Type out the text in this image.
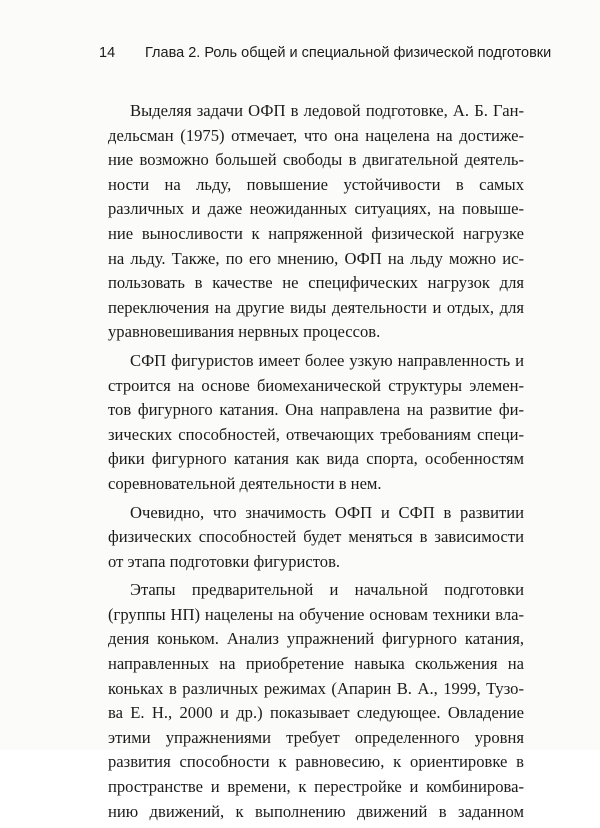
14 Глава 2. Роль общей и специальной физической подготовки

Выделяя задачи ОФП в ледовой подготовке, А. Б. Ган-
дельсман (1975) отмечает, что она нацелена на достиже-
ние возможно большей свободы в двигательной деятель-
ности на льду, повышение устойчивости в самых
различных и даже неожиданных ситуациях, на повыше-
ние выносливости к напряженной физической нагрузке
на льду. Также, по его мнению, ОФП на льду можно ис-
пользовать в качестве не специфических нагрузок для
переключения на другие виды деятельности и отдых, для
уравновешивания нервных процессов.

СФП фигуристов имеет более узкую направленность и
строится на основе биомеханической структуры элемен-
тов фигурного катания. Она направлена на развитие фи-
зических способностей, отвечающих требованиям специ-
фики фигурного катания как вида спорта, особенностям
соревновательной деятельности в нем.

Очевидно, что значимость ОФП и СФП в развитии
физических способностей будет меняться в зависимости
от этапа подготовки фигуристов.

Этапы предварительной и начальной подготовки
(группы НП) нацелены на обучение основам техники вла-
дения коньком. Анализ упражнений фигурного катания,
направленных на приобретение навыка скольжения на
коньках в различных режимах (Апарин В. А., 1999, Тузо-
ва Е. Н., 2000 и др.) показывает следующее. Овладение
этими упражнениями требует определенного уровня
развития способности к равновесию, к ориентировке в
пространстве и времени, к перестройке и комбинирова-
нию движений, к выполнению движений в заданном
